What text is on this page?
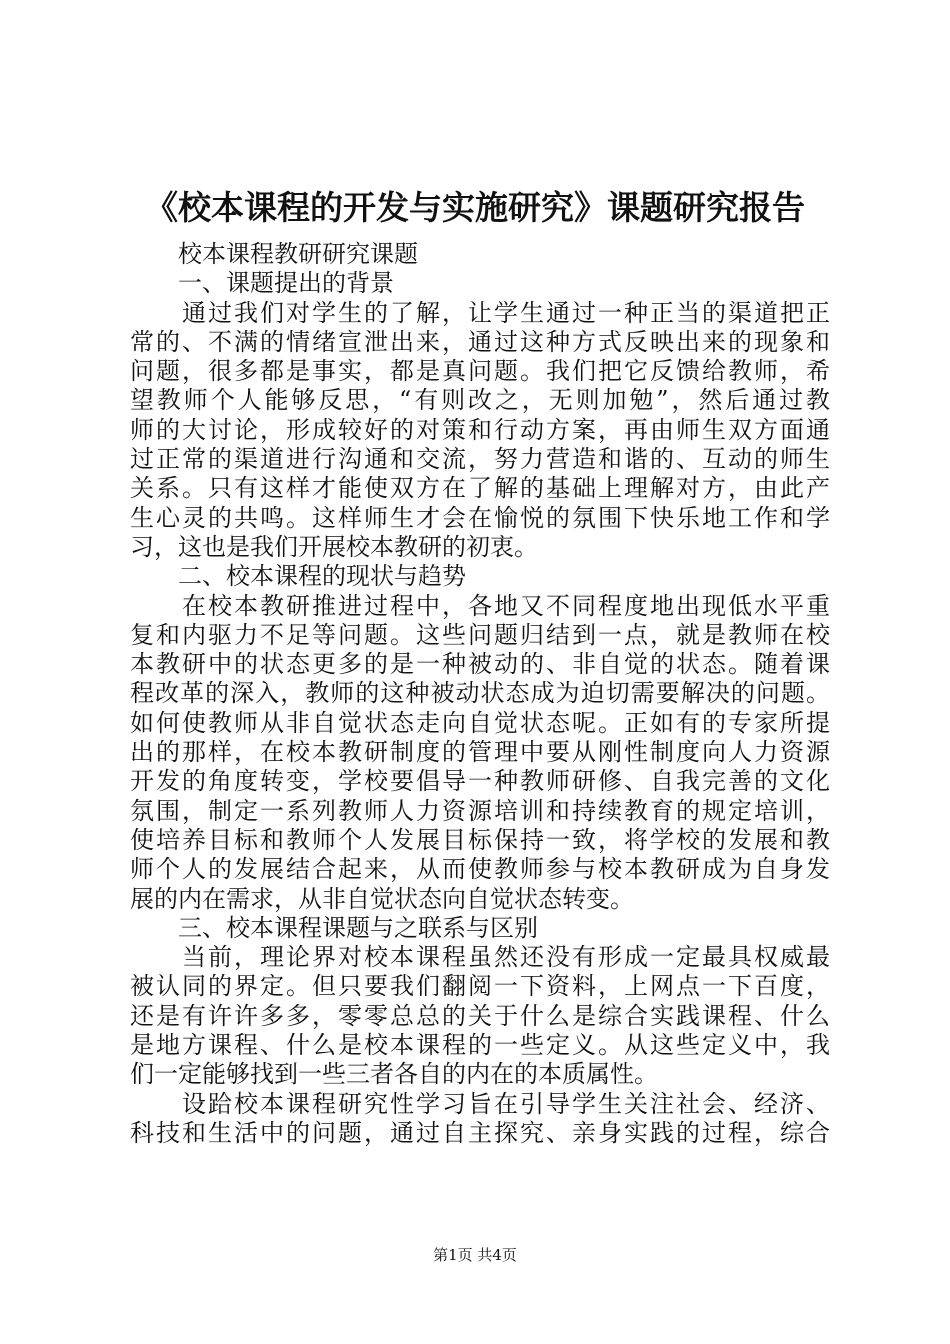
《校本课程的开发与实施研究》课题研究报告
　　校本课程教研研究课题
　　一、课题提出的背景
　　通过我们对学生的了解，让学生通过一种正当的渠道把正
常的、不满的情绪宣泄出来，通过这种方式反映出来的现象和
问题，很多都是事实，都是真问题。我们把它反馈给教师，希
望教师个人能够反思，“有则改之，无则加勉”，然后通过教
师的大讨论，形成较好的对策和行动方案，再由师生双方面通
过正常的渠道进行沟通和交流，努力营造和谐的、互动的师生
关系。只有这样才能使双方在了解的基础上理解对方，由此产
生心灵的共鸣。这样师生才会在愉悦的氛围下快乐地工作和学
习，这也是我们开展校本教研的初衷。
　　二、校本课程的现状与趋势
　　在校本教研推进过程中，各地又不同程度地出现低水平重
复和内驱力不足等问题。这些问题归结到一点，就是教师在校
本教研中的状态更多的是一种被动的、非自觉的状态。随着课
程改革的深入，教师的这种被动状态成为迫切需要解决的问题。
如何使教师从非自觉状态走向自觉状态呢。正如有的专家所提
出的那样，在校本教研制度的管理中要从刚性制度向人力资源
开发的角度转变，学校要倡导一种教师研修、自我完善的文化
氛围，制定一系列教师人力资源培训和持续教育的规定培训，
使培养目标和教师个人发展目标保持一致，将学校的发展和教
师个人的发展结合起来，从而使教师参与校本教研成为自身发
展的内在需求，从非自觉状态向自觉状态转变。
　　三、校本课程课题与之联系与区别
　　当前，理论界对校本课程虽然还没有形成一定最具权威最
被认同的界定。但只要我们翻阅一下资料，上网点一下百度，
还是有许许多多，零零总总的关于什么是综合实践课程、什么
是地方课程、什么是校本课程的一些定义。从这些定义中，我
们一定能够找到一些三者各自的内在的本质属性。
　　设跲校本课程研究性学习旨在引导学生关注社会、经济、
科技和生活中的问题，通过自主探究、亲身实践的过程，综合
第1页 共4页
